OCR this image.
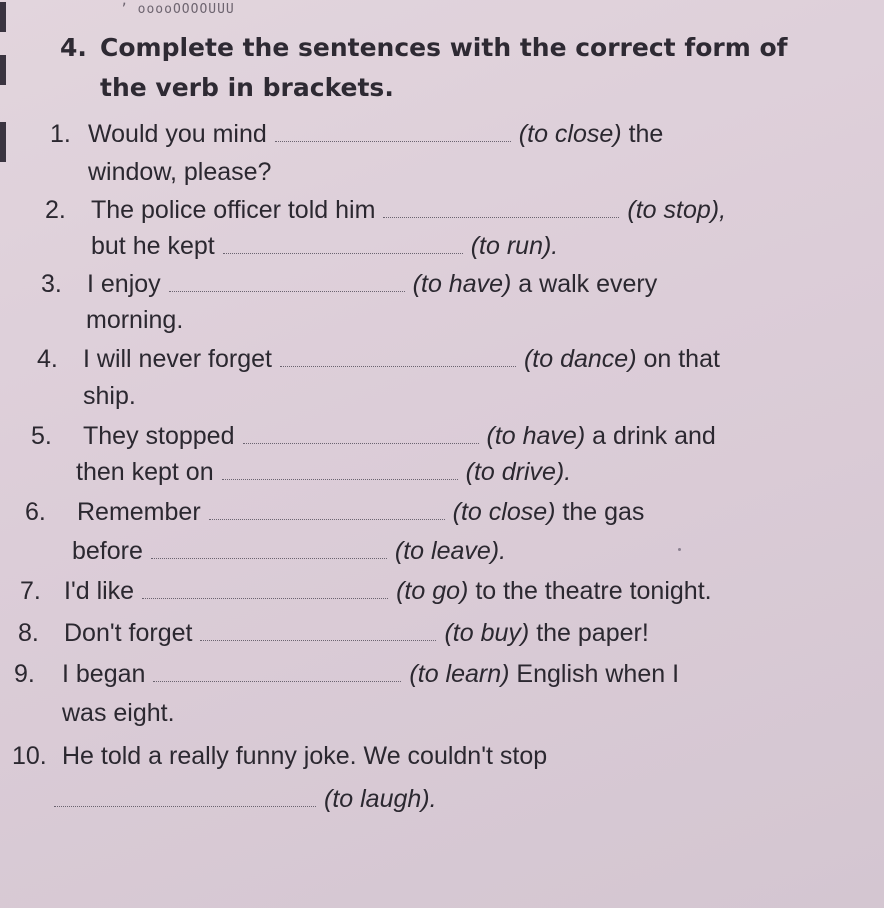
ʼ ooooOOOOUUU
4. Complete the sentences with the correct form of
the verb in brackets.
1. Would you mind	(to close) the
window, please?
2. The police officer told him	(to stop),
but he kept	(to run).
3. I enjoy	(to have) a walk every
morning.
4. I will never forget	(to dance) on that
ship.
5. They stopped	(to have) a drink and
then kept on	(to drive).
6. Remember	(to close) the gas
before	(to leave).
7. I'd like	(to go) to the theatre tonight.
8. Don't forget	(to buy) the paper!
9. I began	(to learn) English when I
was eight.
10. He told a really funny joke. We couldn't stop
(to laugh).
